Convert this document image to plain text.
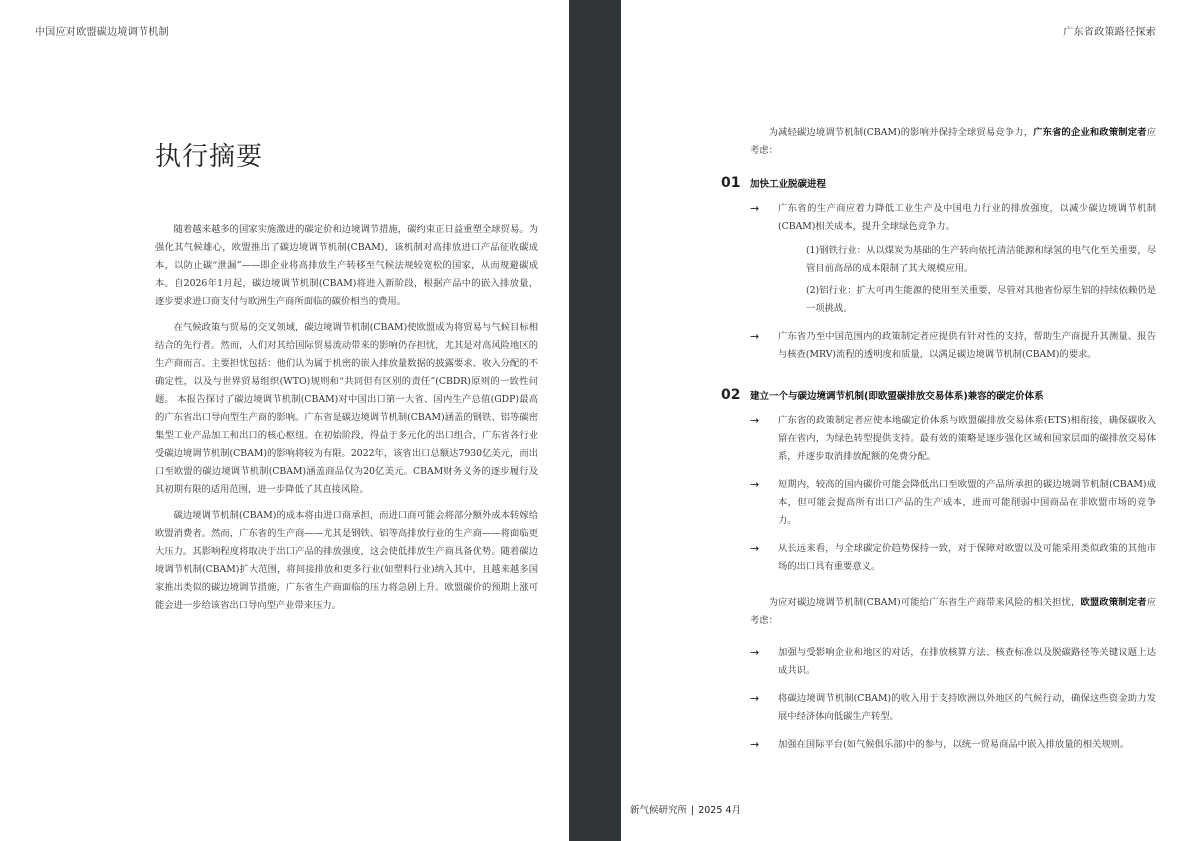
中国应对欧盟碳边境调节机制
执行摘要

随着越来越多的国家实施激进的碳定价和边境调节措施，碳约束正日益重塑全球贸易。为强化其气候雄心，欧盟推出了碳边境调节机制(CBAM)，该机制对高排放进口产品征收碳成本，以防止碳“泄漏”——即企业将高排放生产转移至气候法规较宽松的国家，从而规避碳成本。自2026年1月起，碳边境调节机制(CBAM)将进入新阶段，根据产品中的嵌入排放量，逐步要求进口商支付与欧洲生产商所面临的碳价相当的费用。

在气候政策与贸易的交叉领域，碳边境调节机制(CBAM)使欧盟成为将贸易与气候目标相结合的先行者。然而，人们对其给国际贸易流动带来的影响仍存担忧，尤其是对高风险地区的生产商而言。主要担忧包括：他们认为属于机密的嵌入排放量数据的披露要求、收入分配的不确定性，以及与世界贸易组织(WTO)规则和“共同但有区别的责任”(CBDR)原则的一致性问题。 本报告探讨了碳边境调节机制(CBAM)对中国出口第一大省、国内生产总值(GDP)最高的广东省出口导向型生产商的影响。广东省是碳边境调节机制(CBAM)涵盖的钢铁、铝等碳密集型工业产品加工和出口的核心枢纽。在初始阶段，得益于多元化的出口组合，广东省各行业受碳边境调节机制(CBAM)的影响将较为有限。2022年，该省出口总额达7930亿美元，而出口至欧盟的碳边境调节机制(CBAM)涵盖商品仅为20亿美元。CBAM财务义务的逐步履行及其初期有限的适用范围，进一步降低了其直接风险。

碳边境调节机制(CBAM)的成本将由进口商承担，而进口商可能会将部分额外成本转嫁给欧盟消费者。然而，广东省的生产商——尤其是钢铁、铝等高排放行业的生产商——将面临更大压力。其影响程度将取决于出口产品的排放强度，这会使低排放生产商具备优势。随着碳边境调节机制(CBAM)扩大范围，将间接排放和更多行业(如塑料行业)纳入其中，且越来越多国家推出类似的碳边境调节措施，广东省生产商面临的压力将急剧上升。欧盟碳价的预期上涨可能会进一步给该省出口导向型产业带来压力。

广东省政策路径探索

为减轻碳边境调节机制(CBAM)的影响并保持全球贸易竞争力，广东省的企业和政策制定者应考虑：

01 加快工业脱碳进程
→ 广东省的生产商应着力降低工业生产及中国电力行业的排放强度，以减少碳边境调节机制(CBAM)相关成本，提升全球绿色竞争力。
(1)钢铁行业：从以煤炭为基础的生产转向依托清洁能源和绿氢的电气化至关重要，尽管目前高昂的成本限制了其大规模应用。
(2)铝行业：扩大可再生能源的使用至关重要，尽管对其他省份原生铝的持续依赖仍是一项挑战。
→ 广东省乃至中国范围内的政策制定者应提供有针对性的支持，帮助生产商提升其测量、报告与核查(MRV)流程的透明度和质量，以满足碳边境调节机制(CBAM)的要求。
02 建立一个与碳边境调节机制(即欧盟碳排放交易体系)兼容的碳定价体系
→ 广东省的政策制定者应使本地碳定价体系与欧盟碳排放交易体系(ETS)相衔接，确保碳收入留在省内，为绿色转型提供支持。最有效的策略是逐步强化区域和国家层面的碳排放交易体系，并逐步取消排放配额的免费分配。
→ 短期内，较高的国内碳价可能会降低出口至欧盟的产品所承担的碳边境调节机制(CBAM)成本，但可能会提高所有出口产品的生产成本，进而可能削弱中国商品在非欧盟市场的竞争力。
→ 从长远来看，与全球碳定价趋势保持一致，对于保障对欧盟以及可能采用类似政策的其他市场的出口具有重要意义。

为应对碳边境调节机制(CBAM)可能给广东省生产商带来风险的相关担忧，欧盟政策制定者应考虑：

→ 加强与受影响企业和地区的对话，在排放核算方法、核查标准以及脱碳路径等关键议题上达成共识。
→ 将碳边境调节机制(CBAM)的收入用于支持欧洲以外地区的气候行动，确保这些资金助力发展中经济体向低碳生产转型。
→ 加强在国际平台(如气候俱乐部)中的参与，以统一贸易商品中嵌入排放量的相关规则。
新气候研究所 | 2025 4月
